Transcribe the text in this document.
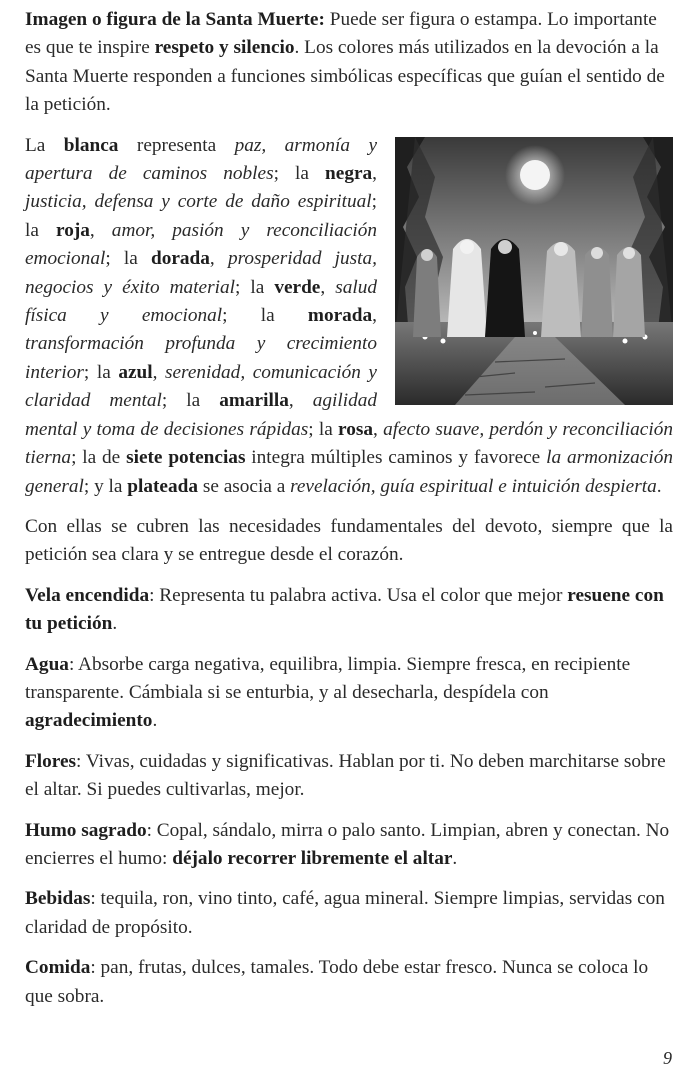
Imagen o figura de la Santa Muerte: Puede ser figura o estampa. Lo importante es que te inspire respeto y silencio. Los colores más utilizados en la devoción a la Santa Muerte responden a funciones simbólicas específicas que guían el sentido de la petición.

La blanca representa paz, armonía y apertura de caminos nobles; la negra, justicia, defensa y corte de daño espiritual; la roja, amor, pasión y reconciliación emocional; la dorada, prosperidad justa, negocios y éxito material; la verde, salud física y emocional; la morada, transformación profunda y crecimiento interior; la azul, serenidad, comunicación y claridad mental; la amarilla, agilidad mental y toma de decisiones rápidas; la rosa, afecto suave, perdón y reconciliación tierna; la de siete potencias integra múltiples caminos y favorece la armonización general; y la plateada se asocia a revelación, guía espiritual e intuición despierta.

Con ellas se cubren las necesidades fundamentales del devoto, siempre que la petición sea clara y se entregue desde el corazón.

Vela encendida: Representa tu palabra activa. Usa el color que mejor resuene con tu petición.

Agua: Absorbe carga negativa, equilibra, limpia. Siempre fresca, en recipiente transparente. Cámbiala si se enturbia, y al desecharla, despídela con agradecimiento.

Flores: Vivas, cuidadas y significativas. Hablan por ti. No deben marchitarse sobre el altar. Si puedes cultivarlas, mejor.

Humo sagrado: Copal, sándalo, mirra o palo santo. Limpian, abren y conectan. No encierres el humo: déjalo recorrer libremente el altar.

Bebidas: tequila, ron, vino tinto, café, agua mineral. Siempre limpias, servidas con claridad de propósito.

Comida: pan, frutas, dulces, tamales. Todo debe estar fresco. Nunca se coloca lo que sobra.

9
